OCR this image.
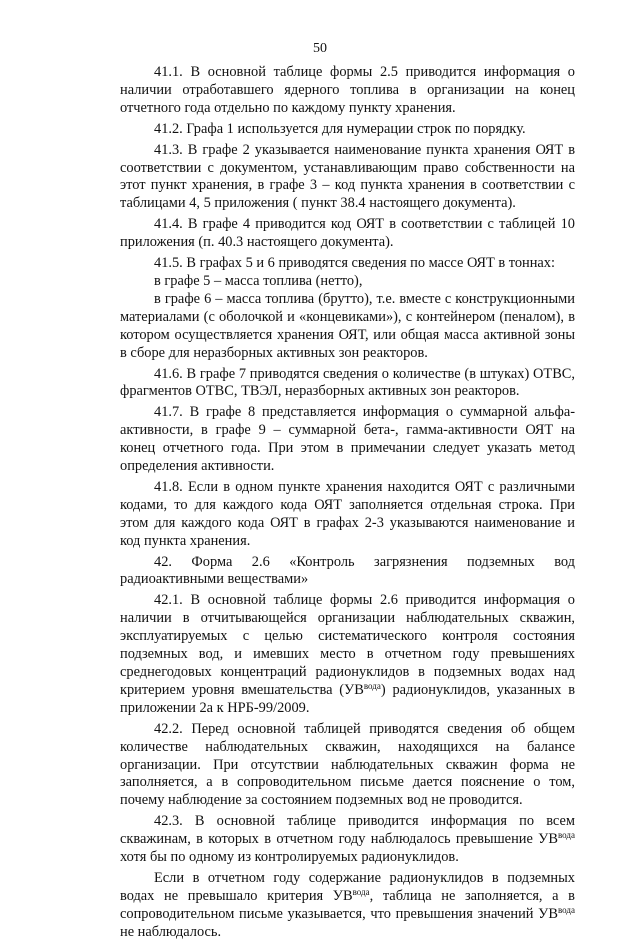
50

41.1. В основной таблице формы 2.5 приводится информация о наличии отработавшего ядерного топлива в организации на конец отчетного года отдельно по каждому пункту хранения.

41.2. Графа 1 используется для нумерации строк по порядку.

41.3. В графе 2 указывается наименование пункта хранения ОЯТ в соответствии с документом, устанавливающим право собственности на этот пункт хранения, в графе 3 – код пункта хранения в соответствии с таблицами 4, 5 приложения ( пункт 38.4 настоящего документа).

41.4. В графе 4 приводится код ОЯТ в соответствии с таблицей 10 приложения (п. 40.3 настоящего документа).

41.5. В графах 5 и 6 приводятся сведения по массе ОЯТ в тоннах:

в графе 5 – масса топлива (нетто),

в графе 6 – масса топлива (брутто), т.е. вместе с конструкционными материалами (с оболочкой и «концевиками»), с контейнером (пеналом), в котором осуществляется хранения ОЯТ, или общая масса активной зоны в сборе для неразборных активных зон реакторов.

41.6. В графе 7 приводятся сведения о количестве (в штуках) ОТВС, фрагментов ОТВС, ТВЭЛ, неразборных активных зон реакторов.

41.7. В графе 8 представляется информация о суммарной альфа-активности, в графе 9 – суммарной бета-, гамма-активности ОЯТ на конец отчетного года. При этом в примечании следует указать метод определения активности.

41.8. Если в одном пункте хранения находится ОЯТ с различными кодами, то для каждого кода ОЯТ заполняется отдельная строка. При этом для каждого кода ОЯТ в графах 2-3 указываются наименование и код пункта хранения.

42. Форма 2.6 «Контроль загрязнения подземных вод радиоактивными веществами»

42.1. В основной таблице формы 2.6 приводится информация о наличии в отчитывающейся организации наблюдательных скважин, эксплуатируемых с целью систематического контроля состояния подземных вод, и имевших место в отчетном году превышениях среднегодовых концентраций радионуклидов в подземных водах над критерием уровня вмешательства $(УВ^{вода})$ радионуклидов, указанных в приложении 2а к НРБ-99/2009.

42.2. Перед основной таблицей приводятся сведения об общем количестве наблюдательных скважин, находящихся на балансе организации. При отсутствии наблюдательных скважин форма не заполняется, а в сопроводительном письме дается пояснение о том, почему наблюдение за состоянием подземных вод не проводится.

42.3. В основной таблице приводится информация по всем скважинам, в которых в отчетном году наблюдалось превышение $УВ^{вода}$ хотя бы по одному из контролируемых радионуклидов.

Если в отчетном году содержание радионуклидов в подземных водах не превышало критерия $УВ^{вода}$, таблица не заполняется, а в сопроводительном письме указывается, что превышения значений $УВ^{вода}$ не наблюдалось.
